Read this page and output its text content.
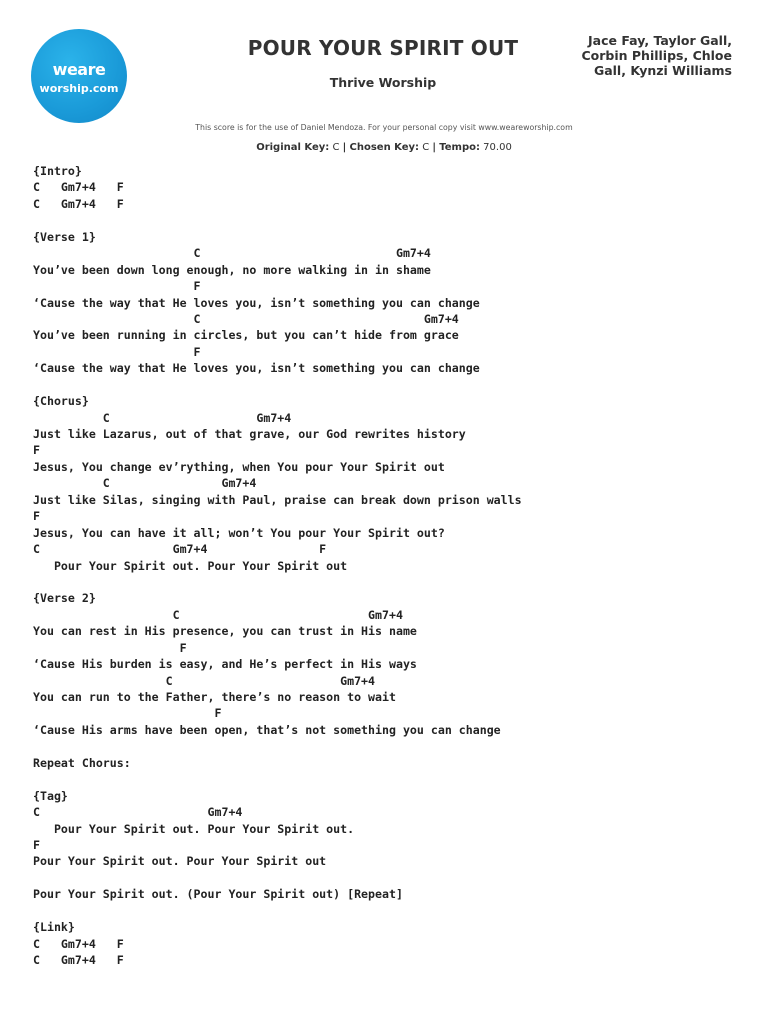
weare
worship.com
POUR YOUR SPIRIT OUT
Thrive Worship
Jace Fay, Taylor Gall,
Corbin Phillips, Chloe
Gall, Kynzi Williams
This score is for the use of Daniel Mendoza. For your personal copy visit www.weareworship.com
Original Key: C | Chosen Key: C | Tempo: 70.00
{Intro}
C   Gm7+4   F
C   Gm7+4   F
{Verse 1}
C                            Gm7+4
You’ve been down long enough, no more walking in in shame
F
‘Cause the way that He loves you, isn’t something you can change
C                                Gm7+4
You’ve been running in circles, but you can’t hide from grace
F
‘Cause the way that He loves you, isn’t something you can change
{Chorus}
C                     Gm7+4
Just like Lazarus, out of that grave, our God rewrites history
F
Jesus, You change ev’rything, when You pour Your Spirit out
C                Gm7+4
Just like Silas, singing with Paul, praise can break down prison walls
F
Jesus, You can have it all; won’t You pour Your Spirit out?
C                   Gm7+4                F
Pour Your Spirit out. Pour Your Spirit out
{Verse 2}
C                           Gm7+4
You can rest in His presence, you can trust in His name
F
‘Cause His burden is easy, and He’s perfect in His ways
C                        Gm7+4
You can run to the Father, there’s no reason to wait
F
‘Cause His arms have been open, that’s not something you can change
Repeat Chorus:
{Tag}
C                        Gm7+4
Pour Your Spirit out. Pour Your Spirit out.
F
Pour Your Spirit out. Pour Your Spirit out
Pour Your Spirit out. (Pour Your Spirit out) [Repeat]
{Link}
C   Gm7+4   F
C   Gm7+4   F
